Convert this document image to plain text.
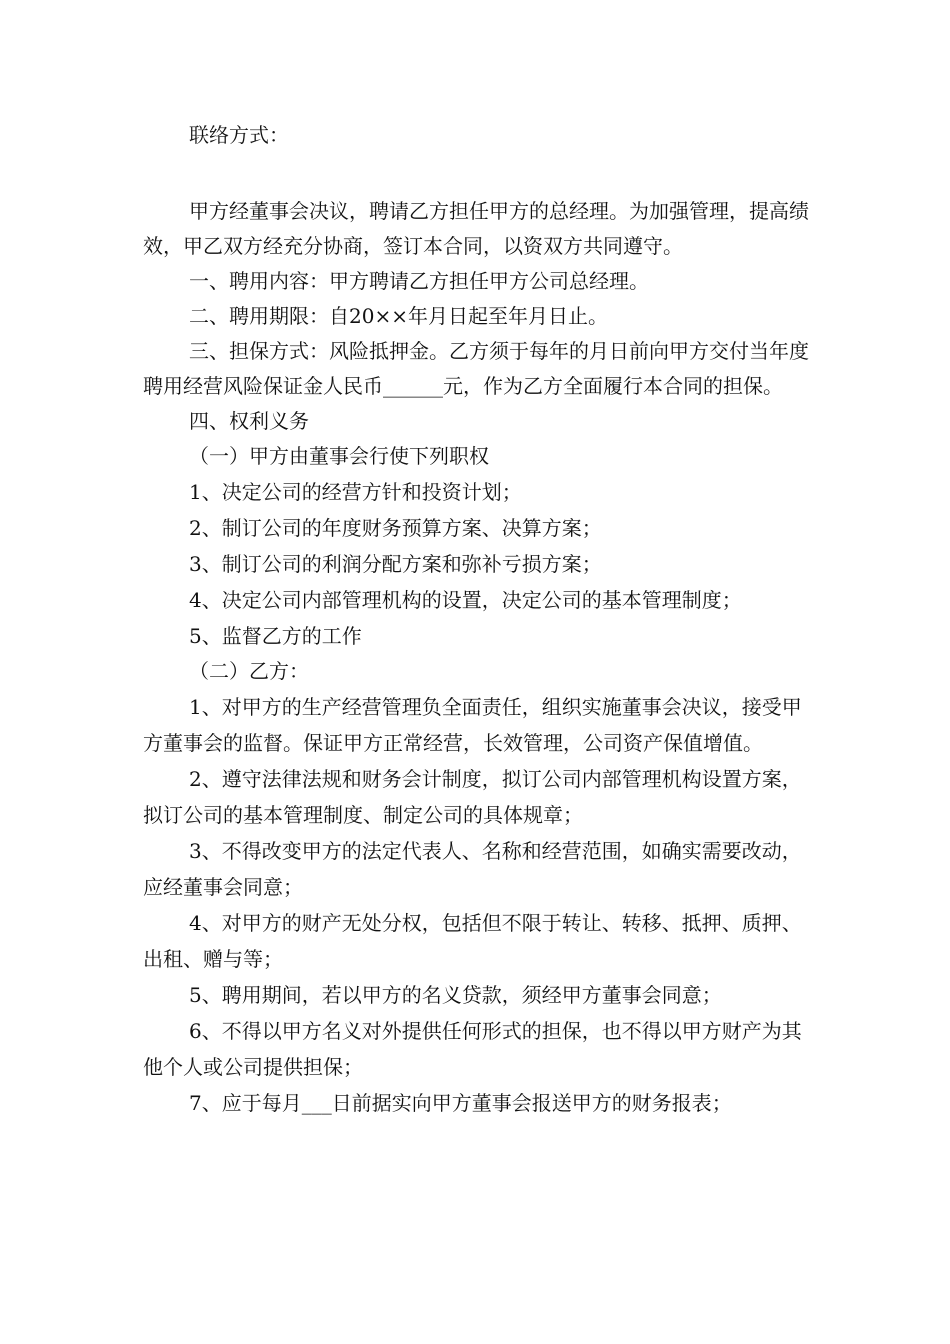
联络方式：

甲方经董事会决议，聘请乙方担任甲方的总经理。为加强管理，提高绩效，甲乙双方经充分协商，签订本合同，以资双方共同遵守。

一、聘用内容：甲方聘请乙方担任甲方公司总经理。

二、聘用期限：自20××年月日起至年月日止。

三、担保方式：风险抵押金。乙方须于每年的月日前向甲方交付当年度聘用经营风险保证金人民币______元，作为乙方全面履行本合同的担保。

四、权利义务

（一）甲方由董事会行使下列职权

1、决定公司的经营方针和投资计划；

2、制订公司的年度财务预算方案、决算方案；

3、制订公司的利润分配方案和弥补亏损方案；

4、决定公司内部管理机构的设置，决定公司的基本管理制度；

5、监督乙方的工作

（二）乙方：

1、对甲方的生产经营管理负全面责任，组织实施董事会决议，接受甲方董事会的监督。保证甲方正常经营，长效管理，公司资产保值增值。

2、遵守法律法规和财务会计制度，拟订公司内部管理机构设置方案，拟订公司的基本管理制度、制定公司的具体规章；

3、不得改变甲方的法定代表人、名称和经营范围，如确实需要改动，应经董事会同意；

4、对甲方的财产无处分权，包括但不限于转让、转移、抵押、质押、出租、赠与等；

5、聘用期间，若以甲方的名义贷款，须经甲方董事会同意；

6、不得以甲方名义对外提供任何形式的担保，也不得以甲方财产为其他个人或公司提供担保；

7、应于每月___日前据实向甲方董事会报送甲方的财务报表；
